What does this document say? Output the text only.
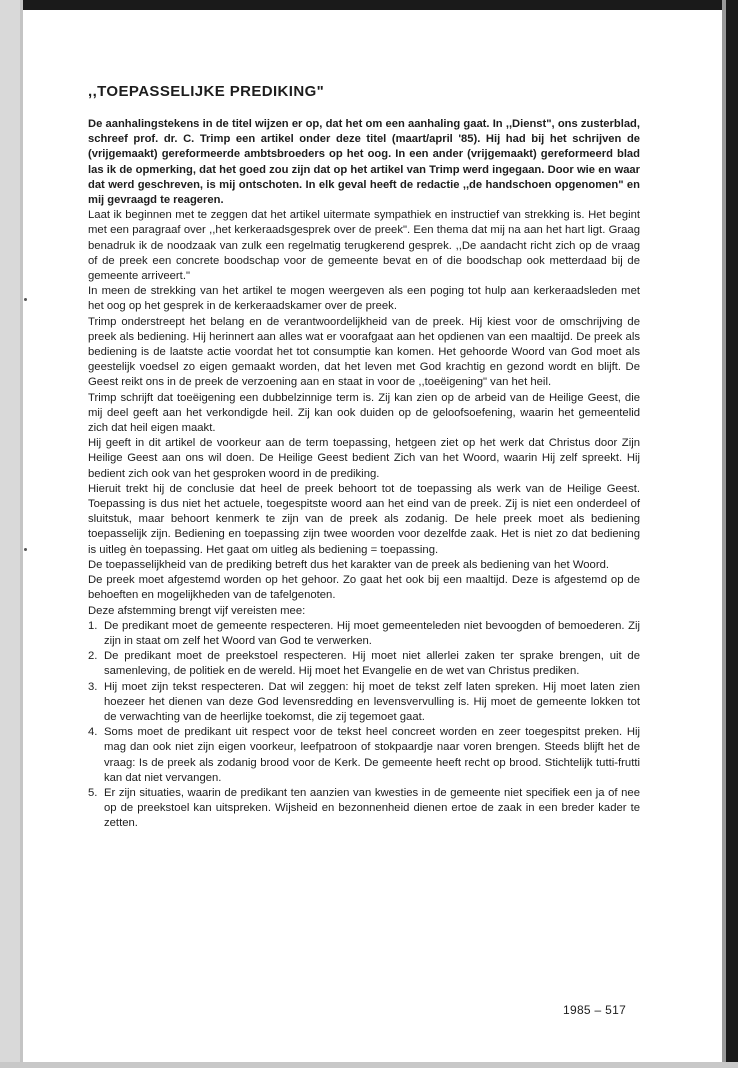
,,TOEPASSELIJKE PREDIKING"

De aanhalingstekens in de titel wijzen er op, dat het om een aanhaling gaat. In ,,Dienst", ons zusterblad, schreef prof. dr. C. Trimp een artikel onder deze titel (maart/april '85). Hij had bij het schrijven de (vrijgemaakt) gereformeerde ambtsbroeders op het oog. In een ander (vrijgemaakt) gereformeerd blad las ik de opmerking, dat het goed zou zijn dat op het artikel van Trimp werd ingegaan. Door wie en waar dat werd geschreven, is mij ontschoten. In elk geval heeft de redactie ,,de handschoen opgenomen" en mij gevraagd te reageren.

Laat ik beginnen met te zeggen dat het artikel uitermate sympathiek en instructief van strekking is. Het begint met een paragraaf over ,,het kerkeraadsgesprek over de preek". Een thema dat mij na aan het hart ligt. Graag benadruk ik de noodzaak van zulk een regelmatig terugkerend gesprek. ,,De aandacht richt zich op de vraag of de preek een concrete boodschap voor de gemeente bevat en of die boodschap ook metterdaad bij de gemeente arriveert."

In meen de strekking van het artikel te mogen weergeven als een poging tot hulp aan kerkeraadsleden met het oog op het gesprek in de kerkeraadskamer over de preek.

Trimp onderstreept het belang en de verantwoordelijkheid van de preek. Hij kiest voor de omschrijving de preek als bediening. Hij herinnert aan alles wat er voorafgaat aan het opdienen van een maaltijd. De preek als bediening is de laatste actie voordat het tot consumptie kan komen. Het gehoorde Woord van God moet als geestelijk voedsel zo eigen gemaakt worden, dat het leven met God krachtig en gezond wordt en blijft. De Geest reikt ons in de preek de verzoening aan en staat in voor de ,,toeëigening" van het heil.

Trimp schrijft dat toeëigening een dubbelzinnige term is. Zij kan zien op de arbeid van de Heilige Geest, die mij deel geeft aan het verkondigde heil. Zij kan ook duiden op de geloofsoefening, waarin het gemeentelid zich dat heil eigen maakt.

Hij geeft in dit artikel de voorkeur aan de term toepassing, hetgeen ziet op het werk dat Christus door Zijn Heilige Geest aan ons wil doen. De Heilige Geest bedient Zich van het Woord, waarin Hij zelf spreekt. Hij bedient zich ook van het gesproken woord in de prediking.

Hieruit trekt hij de conclusie dat heel de preek behoort tot de toepassing als werk van de Heilige Geest. Toepassing is dus niet het actuele, toegespitste woord aan het eind van de preek. Zij is niet een onderdeel of sluitstuk, maar behoort kenmerk te zijn van de preek als zodanig. De hele preek moet als bediening toepasselijk zijn. Bediening en toepassing zijn twee woorden voor dezelfde zaak. Het is niet zo dat bediening is uitleg èn toepassing. Het gaat om uitleg als bediening = toepassing.

De toepasselijkheid van de prediking betreft dus het karakter van de preek als bediening van het Woord.

De preek moet afgestemd worden op het gehoor. Zo gaat het ook bij een maaltijd. Deze is afgestemd op de behoeften en mogelijkheden van de tafelgenoten.

Deze afstemming brengt vijf vereisten mee:

1. De predikant moet de gemeente respecteren. Hij moet gemeenteleden niet bevoogden of bemoederen. Zij zijn in staat om zelf het Woord van God te verwerken.
2. De predikant moet de preekstoel respecteren. Hij moet niet allerlei zaken ter sprake brengen, uit de samenleving, de politiek en de wereld. Hij moet het Evangelie en de wet van Christus prediken.
3. Hij moet zijn tekst respecteren. Dat wil zeggen: hij moet de tekst zelf laten spreken. Hij moet laten zien hoezeer het dienen van deze God levensredding en levensvervulling is. Hij moet de gemeente lokken tot de verwachting van de heerlijke toekomst, die zij tegemoet gaat.
4. Soms moet de predikant uit respect voor de tekst heel concreet worden en zeer toegespitst preken. Hij mag dan ook niet zijn eigen voorkeur, leefpatroon of stokpaardje naar voren brengen. Steeds blijft het de vraag: Is de preek als zodanig brood voor de Kerk. De gemeente heeft recht op brood. Stichtelijk tutti-frutti kan dat niet vervangen.
5. Er zijn situaties, waarin de predikant ten aanzien van kwesties in de gemeente niet specifiek een ja of nee op de preekstoel kan uitspreken. Wijsheid en bezonnenheid dienen ertoe de zaak in een breder kader te zetten.
1985 – 517
